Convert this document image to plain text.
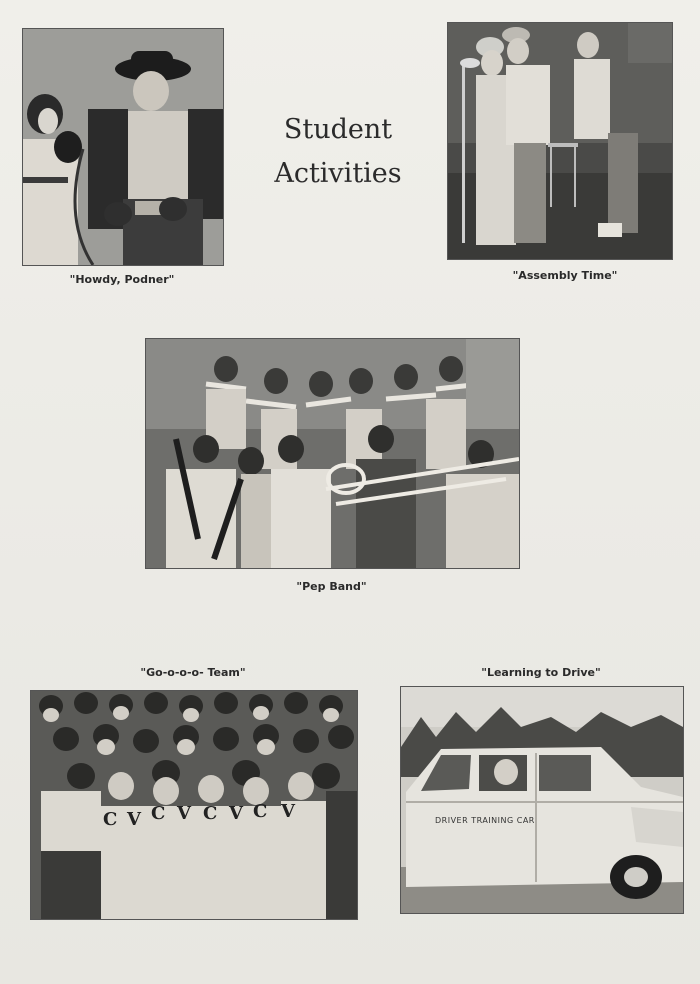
Student
Activities
"Howdy, Podner"	"Assembly Time"
"Pep Band"
"Go-o-o-o- Team"
C V C V C V C V
"Learning to Drive"
DRIVER TRAINING CAR
